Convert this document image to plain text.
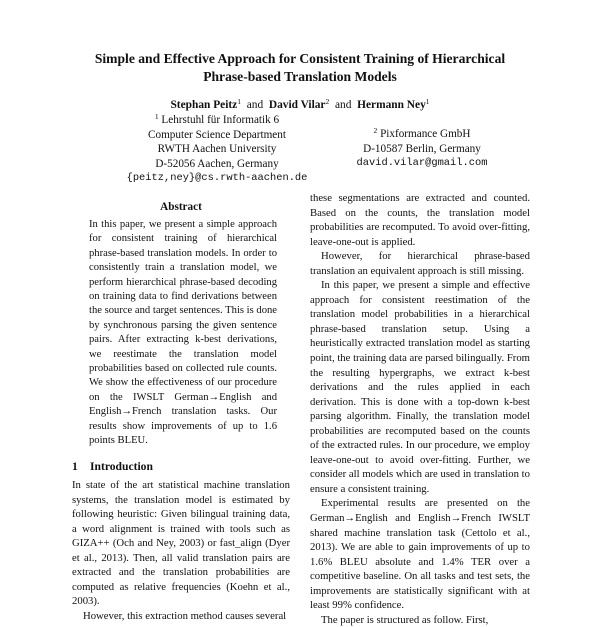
Simple and Effective Approach for Consistent Training of Hierarchical
Phrase-based Translation Models
Stephan Peitz$^1$ and David Vilar$^2$ and Hermann Ney$^1$
$^1$ Lehrstuhl für Informatik 6
Computer Science Department
RWTH Aachen University
D-52056 Aachen, Germany
{peitz,ney}@cs.rwth-aachen.de
$^2$ Pixformance GmbH
D-10587 Berlin, Germany
david.vilar@gmail.com
Abstract
In this paper, we present a simple approach for consistent training of hierarchical phrase-based translation models. In order to consistently train a translation model, we perform hierarchical phrase-based decoding on training data to find derivations between the source and target sentences. This is done by synchronous parsing the given sentence pairs. After extracting k-best derivations, we reestimate the translation model probabilities based on collected rule counts. We show the effectiveness of our procedure on the IWSLT German→English and English→French translation tasks. Our results show improvements of up to 1.6 points BLEU.
1 Introduction

In state of the art statistical machine translation systems, the translation model is estimated by following heuristic: Given bilingual training data, a word alignment is trained with tools such as GIZA++ (Och and Ney, 2003) or fast_align (Dyer et al., 2013). Then, all valid translation pairs are extracted and the translation probabilities are computed as relative frequencies (Koehn et al., 2003).

However, this extraction method causes several

these segmentations are extracted and counted. Based on the counts, the translation model probabilities are recomputed. To avoid over-fitting, leave-one-out is applied.

However, for hierarchical phrase-based translation an equivalent approach is still missing.

In this paper, we present a simple and effective approach for consistent reestimation of the translation model probabilities in a hierarchical phrase-based translation setup. Using a heuristically extracted translation model as starting point, the training data are parsed bilingually. From the resulting hypergraphs, we extract k-best derivations and the rules applied in each derivation. This is done with a top-down k-best parsing algorithm. Finally, the translation model probabilities are recomputed based on the counts of the extracted rules. In our procedure, we employ leave-one-out to avoid over-fitting. Further, we consider all models which are used in translation to ensure a consistent training.

Experimental results are presented on the German→English and English→French IWSLT shared machine translation task (Cettolo et al., 2013). We are able to gain improvements of up to 1.6% BLEU absolute and 1.4% TER over a competitive baseline. On all tasks and test sets, the improvements are statistically significant with at least 99% confidence.

The paper is structured as follow. First,
